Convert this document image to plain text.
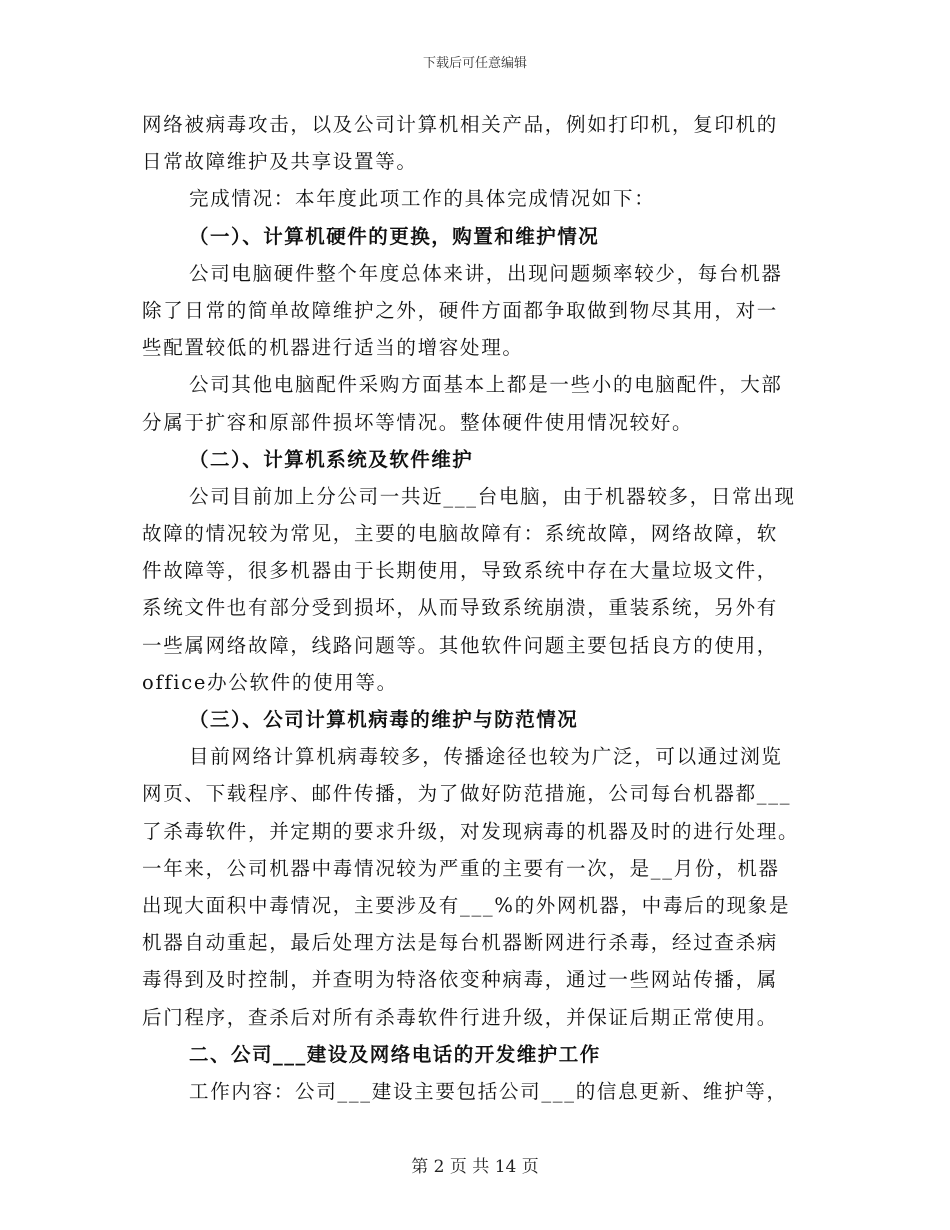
下载后可任意编辑
网络被病毒攻击，以及公司计算机相关产品，例如打印机，复印机的
日常故障维护及共享设置等。
完成情况：本年度此项工作的具体完成情况如下：
（一）、计算机硬件的更换，购置和维护情况
公司电脑硬件整个年度总体来讲，出现问题频率较少，每台机器
除了日常的简单故障维护之外，硬件方面都争取做到物尽其用，对一
些配置较低的机器进行适当的增容处理。
公司其他电脑配件采购方面基本上都是一些小的电脑配件，大部
分属于扩容和原部件损坏等情况。整体硬件使用情况较好。
（二）、计算机系统及软件维护
公司目前加上分公司一共近___台电脑，由于机器较多，日常出现
故障的情况较为常见，主要的电脑故障有：系统故障，网络故障，软
件故障等，很多机器由于长期使用，导致系统中存在大量垃圾文件，
系统文件也有部分受到损坏，从而导致系统崩溃，重装系统，另外有
一些属网络故障，线路问题等。其他软件问题主要包括良方的使用，
office办公软件的使用等。
（三）、公司计算机病毒的维护与防范情况
目前网络计算机病毒较多，传播途径也较为广泛，可以通过浏览
网页、下载程序、邮件传播，为了做好防范措施，公司每台机器都___
了杀毒软件，并定期的要求升级，对发现病毒的机器及时的进行处理。
一年来，公司机器中毒情况较为严重的主要有一次，是__月份，机器
出现大面积中毒情况，主要涉及有___%的外网机器，中毒后的现象是
机器自动重起，最后处理方法是每台机器断网进行杀毒，经过查杀病
毒得到及时控制，并查明为特洛依变种病毒，通过一些网站传播，属
后门程序，查杀后对所有杀毒软件行进升级，并保证后期正常使用。
二、公司___建设及网络电话的开发维护工作
工作内容：公司___建设主要包括公司___的信息更新、维护等，
第 2 页 共 14 页
